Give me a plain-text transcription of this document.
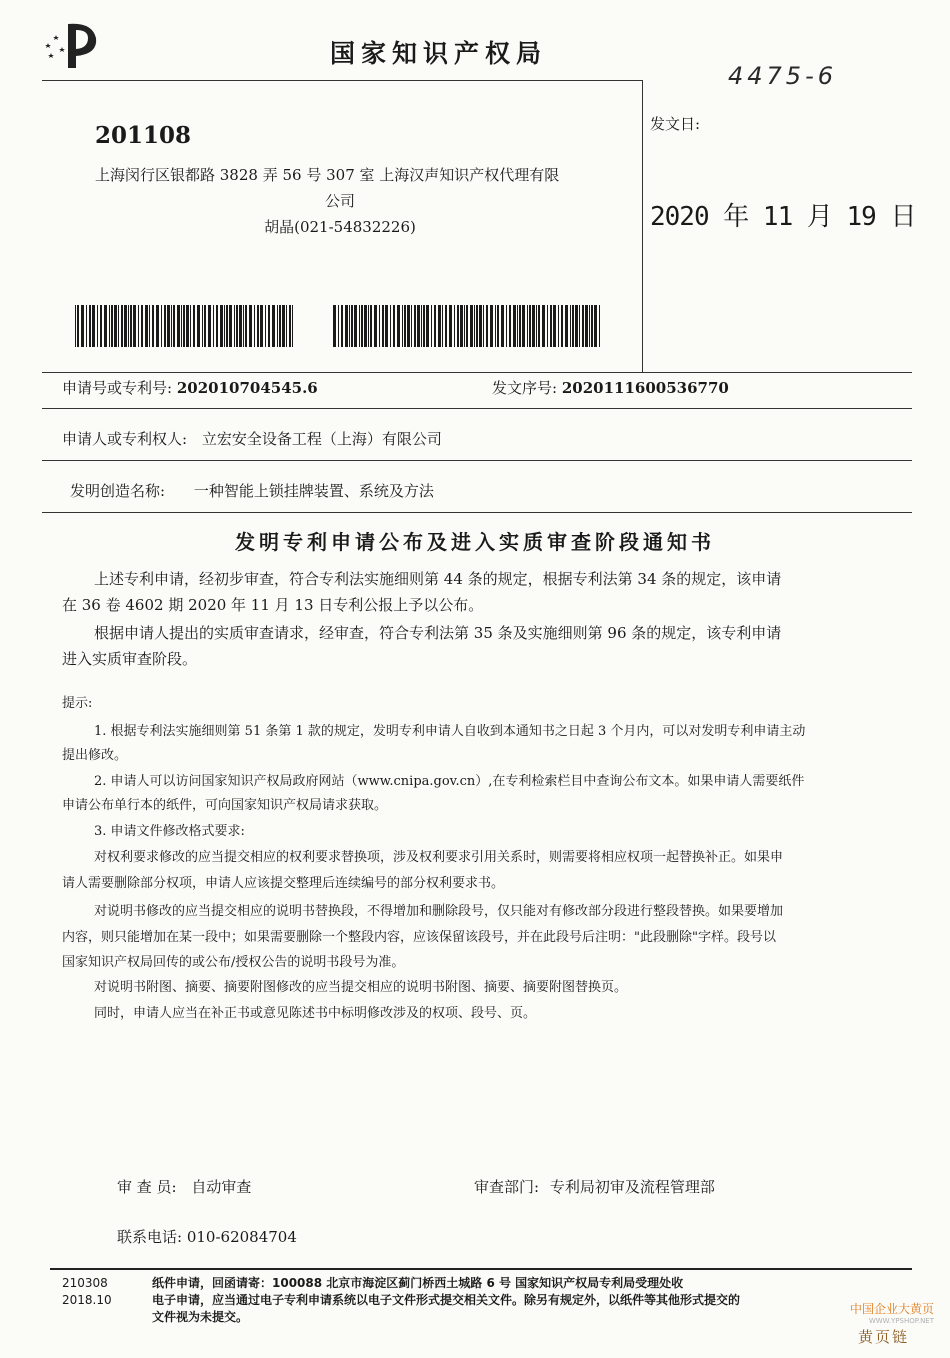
国家知识产权局
4475-6
201108
上海闵行区银都路 3828 弄 56 号 307 室 上海汉声知识产权代理有限
公司
胡晶(021-54832226)
发文日:
2020 年 11 月 19 日
申请号或专利号: 202010704545.6	发文序号: 2020111600536770
申请人或专利权人: 立宏安全设备工程（上海）有限公司
发明创造名称: 一种智能上锁挂牌装置、系统及方法
发明专利申请公布及进入实质审查阶段通知书
上述专利申请，经初步审查，符合专利法实施细则第 44 条的规定，根据专利法第 34 条的规定，该申请
在 36 卷 4602 期 2020 年 11 月 13 日专利公报上予以公布。
根据申请人提出的实质审查请求，经审查，符合专利法第 35 条及实施细则第 96 条的规定，该专利申请
进入实质审查阶段。
提示:
1. 根据专利法实施细则第 51 条第 1 款的规定，发明专利申请人自收到本通知书之日起 3 个月内，可以对发明专利申请主动
提出修改。
2. 申请人可以访问国家知识产权局政府网站（www.cnipa.gov.cn）,在专利检索栏目中查询公布文本。如果申请人需要纸件
申请公布单行本的纸件，可向国家知识产权局请求获取。
3. 申请文件修改格式要求:
对权利要求修改的应当提交相应的权利要求替换项，涉及权利要求引用关系时，则需要将相应权项一起替换补正。如果申
请人需要删除部分权项，申请人应该提交整理后连续编号的部分权利要求书。
对说明书修改的应当提交相应的说明书替换段，不得增加和删除段号，仅只能对有修改部分段进行整段替换。如果要增加
内容，则只能增加在某一段中；如果需要删除一个整段内容，应该保留该段号，并在此段号后注明："此段删除"字样。段号以
国家知识产权局回传的或公布/授权公告的说明书段号为准。
对说明书附图、摘要、摘要附图修改的应当提交相应的说明书附图、摘要、摘要附图替换页。
同时，申请人应当在补正书或意见陈述书中标明修改涉及的权项、段号、页。
审 查 员: 自动审查	审查部门: 专利局初审及流程管理部
联系电话: 010-62084704
210308
2018.10
纸件申请，回函请寄：100088 北京市海淀区蓟门桥西土城路 6 号 国家知识产权局专利局受理处收
电子申请，应当通过电子专利申请系统以电子文件形式提交相关文件。除另有规定外，以纸件等其他形式提交的
文件视为未提交。
中国企业大黄页
WWW.YPSHOP.NET
黄页链
